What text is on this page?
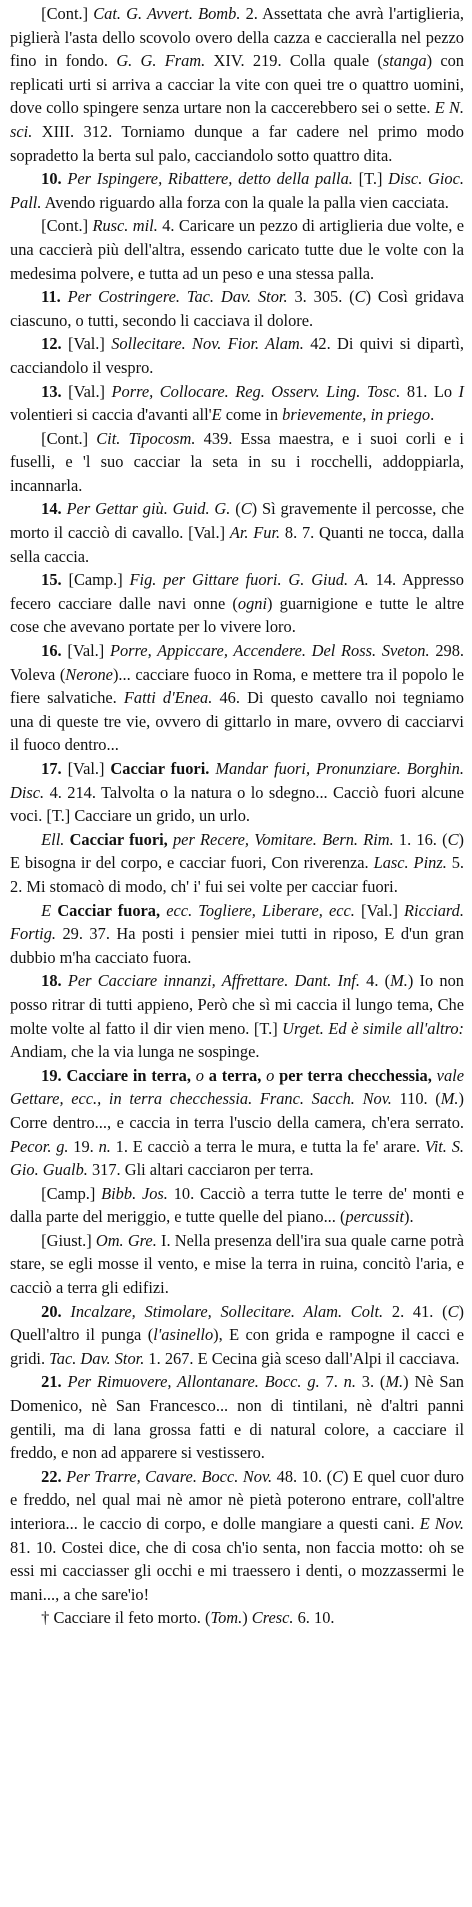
[Cont.] Cat. G. Avvert. Bomb. 2. Assettata che avrà l'artiglieria, piglierà l'asta dello scovolo overo della cazza e caccieralla nel pezzo fino in fondo. G. G. Fram. XIV. 219. Colla quale (stanga) con replicati urti si arriva a cacciar la vite con quei tre o quattro uomini, dove collo spingere senza urtare non la caccerebbero sei o sette. E N. sci. XIII. 312. Torniamo dunque a far cadere nel primo modo sopradetto la berta sul palo, cacciandolo sotto quattro dita.

10. Per Ispingere, Ribattere, detto della palla. [T.] Disc. Gioc. Pall. Avendo riguardo alla forza con la quale la palla vien cacciata.

[Cont.] Rusc. mil. 4. Caricare un pezzo di artiglieria due volte, e una caccierà più dell'altra, essendo caricato tutte due le volte con la medesima polvere, e tutta ad un peso e una stessa palla.

11. Per Costringere. Tac. Dav. Stor. 3. 305. (C) Così gridava ciascuno, o tutti, secondo li cacciava il dolore.

12. [Val.] Sollecitare. Nov. Fior. Alam. 42. Di quivi si dipartì, cacciandolo il vespro.

13. [Val.] Porre, Collocare. Reg. Osserv. Ling. Tosc. 81. Lo I volentieri si caccia d'avanti all'E come in brievemente, in priego.

[Cont.] Cit. Tipocosm. 439. Essa maestra, e i suoi corli e i fuselli, e 'l suo cacciar la seta in su i rocchelli, addoppiarla, incannarla.

14. Per Gettar giù. Guid. G. (C) Sì gravemente il percosse, che morto il cacciò di cavallo. [Val.] Ar. Fur. 8. 7. Quanti ne tocca, dalla sella caccia.

15. [Camp.] Fig. per Gittare fuori. G. Giud. A. 14. Appresso fecero cacciare dalle navi onne (ogni) guarnigione e tutte le altre cose che avevano portate per lo vivere loro.

16. [Val.] Porre, Appiccare, Accendere. Del Ross. Sveton. 298. Voleva (Nerone)... cacciare fuoco in Roma, e mettere tra il popolo le fiere salvatiche. Fatti d'Enea. 46. Di questo cavallo noi tegniamo una di queste tre vie, ovvero di gittarlo in mare, ovvero di cacciarvi il fuoco dentro...

17. [Val.] Cacciar fuori. Mandar fuori, Pronunziare. Borghin. Disc. 4. 214. Talvolta o la natura o lo sdegno... Cacciò fuori alcune voci. [T.] Cacciare un grido, un urlo.

Ell. Cacciar fuori, per Recere, Vomitare. Bern. Rim. 1. 16. (C) E bisogna ir del corpo, e cacciar fuori, Con riverenza. Lasc. Pinz. 5. 2. Mi stomacò di modo, ch' i' fui sei volte per cacciar fuori.

E Cacciar fuora, ecc. Togliere, Liberare, ecc. [Val.] Ricciard. Fortig. 29. 37. Ha posti i pensier miei tutti in riposo, E d'un gran dubbio m'ha cacciato fuora.

18. Per Cacciare innanzi, Affrettare. Dant. Inf. 4. (M.) Io non posso ritrar di tutti appieno, Però che sì mi caccia il lungo tema, Che molte volte al fatto il dir vien meno. [T.] Urget. Ed è simile all'altro: Andiam, che la via lunga ne sospinge.

19. Cacciare in terra, o a terra, o per terra checchessia, vale Gettare, ecc., in terra checchessia. Franc. Sacch. Nov. 110. (M.) Corre dentro..., e caccia in terra l'uscio della camera, ch'era serrato. Pecor. g. 19. n. 1. E cacciò a terra le mura, e tutta la fe' arare. Vit. S. Gio. Gualb. 317. Gli altari cacciaron per terra.

[Camp.] Bibb. Jos. 10. Cacciò a terra tutte le terre de' monti e dalla parte del meriggio, e tutte quelle del piano... (percussit).

[Giust.] Om. Gre. I. Nella presenza dell'ira sua quale carne potrà stare, se egli mosse il vento, e mise la terra in ruina, concitò l'aria, e cacciò a terra gli edifizi.

20. Incalzare, Stimolare, Sollecitare. Alam. Colt. 2. 41. (C) Quell'altro il punga (l'asinello), E con grida e rampogne il cacci e gridi. Tac. Dav. Stor. 1. 267. E Cecina già sceso dall'Alpi il cacciava.

21. Per Rimuovere, Allontanare. Bocc. g. 7. n. 3. (M.) Nè San Domenico, nè San Francesco... non di tintilani, nè d'altri panni gentili, ma di lana grossa fatti e di natural colore, a cacciare il freddo, e non ad apparere si vestissero.

22. Per Trarre, Cavare. Bocc. Nov. 48. 10. (C) E quel cuor duro e freddo, nel qual mai nè amor nè pietà poterono entrare, coll'altre interiora... le caccio di corpo, e dolle mangiare a questi cani. E Nov. 81. 10. Costei dice, che di cosa ch'io senta, non faccia motto: oh se essi mi cacciasser gli occhi e mi traessero i denti, o mozzassermi le mani..., a che sare'io!

† Cacciare il feto morto. (Tom.) Cresc. 6. 10.
